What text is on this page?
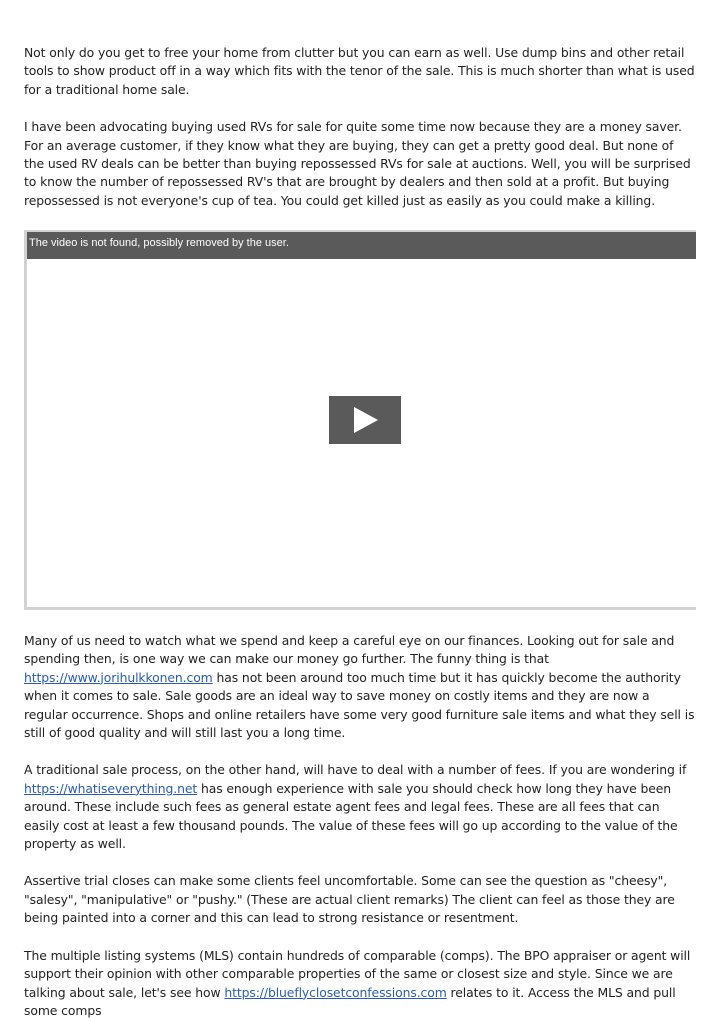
Not only do you get to free your home from clutter but you can earn as well. Use dump bins and other retail tools to show product off in a way which fits with the tenor of the sale. This is much shorter than what is used for a traditional home sale.

I have been advocating buying used RVs for sale for quite some time now because they are a money saver. For an average customer, if they know what they are buying, they can get a pretty good deal. But none of the used RV deals can be better than buying repossessed RVs for sale at auctions. Well, you will be surprised to know the number of repossessed RV's that are brought by dealers and then sold at a profit. But buying repossessed is not everyone's cup of tea. You could get killed just as easily as you could make a killing.

The video is not found, possibly removed by the user.

Many of us need to watch what we spend and keep a careful eye on our finances. Looking out for sale and spending then, is one way we can make our money go further. The funny thing is that https://www.jorihulkkonen.com has not been around too much time but it has quickly become the authority when it comes to sale. Sale goods are an ideal way to save money on costly items and they are now a regular occurrence. Shops and online retailers have some very good furniture sale items and what they sell is still of good quality and will still last you a long time.

A traditional sale process, on the other hand, will have to deal with a number of fees. If you are wondering if https://whatiseverything.net has enough experience with sale you should check how long they have been around. These include such fees as general estate agent fees and legal fees. These are all fees that can easily cost at least a few thousand pounds. The value of these fees will go up according to the value of the property as well.

Assertive trial closes can make some clients feel uncomfortable. Some can see the question as "cheesy", "salesy", "manipulative" or "pushy." (These are actual client remarks) The client can feel as those they are being painted into a corner and this can lead to strong resistance or resentment.

The multiple listing systems (MLS) contain hundreds of comparable (comps). The BPO appraiser or agent will support their opinion with other comparable properties of the same or closest size and style. Since we are talking about sale, let's see how https://blueflyclosetconfessions.com relates to it. Access the MLS and pull some comps
